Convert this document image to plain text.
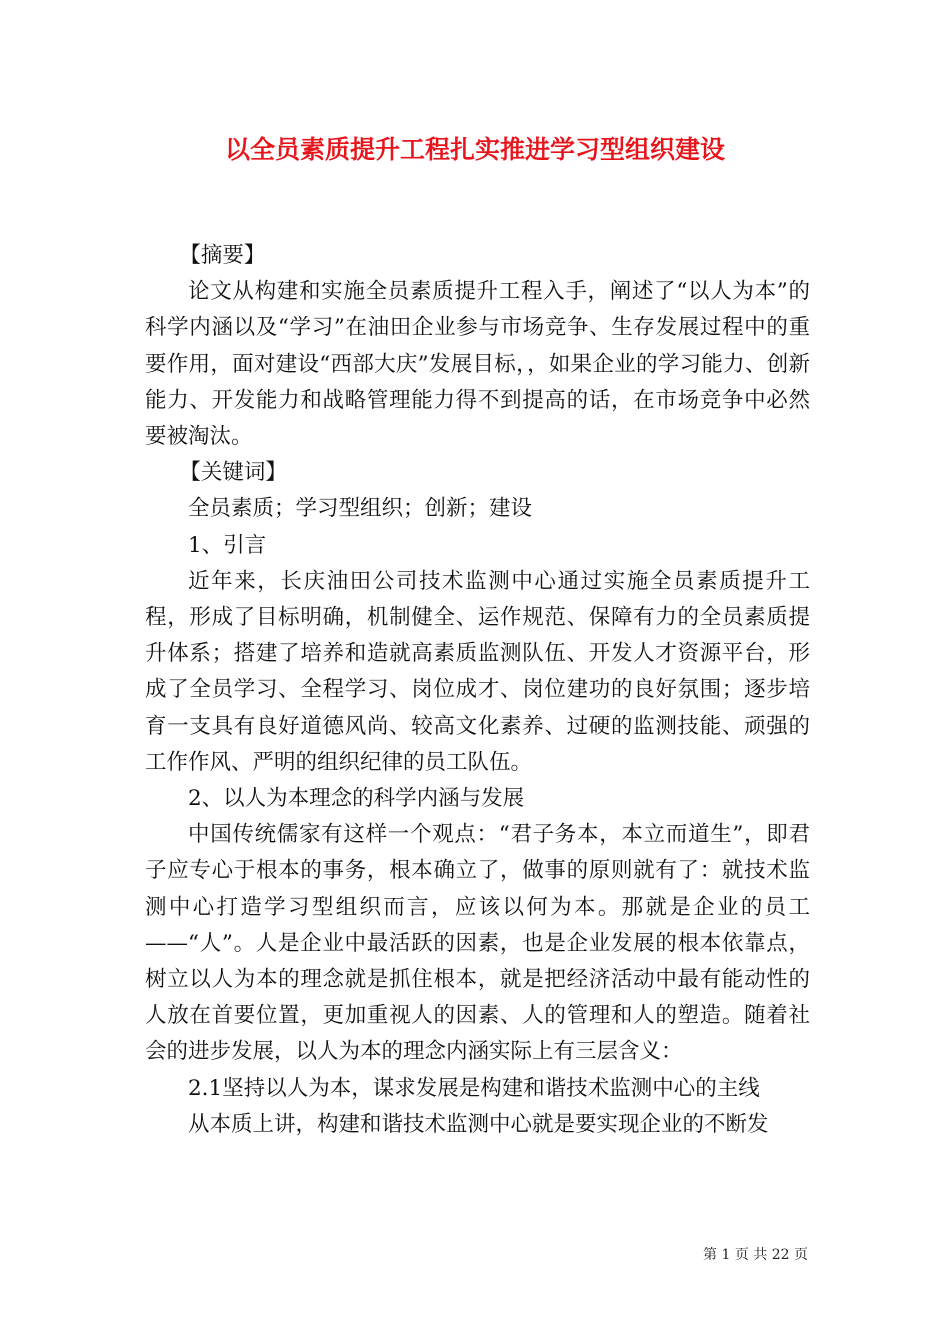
以全员素质提升工程扎实推进学习型组织建设

【摘要】

论文从构建和实施全员素质提升工程入手，阐述了“以人为本”的科学内涵以及“学习”在油田企业参与市场竞争、生存发展过程中的重要作用，面对建设“西部大庆”发展目标，，如果企业的学习能力、创新能力、开发能力和战略管理能力得不到提高的话，在市场竞争中必然要被淘汰。

【关键词】

全员素质；学习型组织；创新；建设

1、引言

近年来，长庆油田公司技术监测中心通过实施全员素质提升工程，形成了目标明确，机制健全、运作规范、保障有力的全员素质提升体系；搭建了培养和造就高素质监测队伍、开发人才资源平台，形成了全员学习、全程学习、岗位成才、岗位建功的良好氛围；逐步培育一支具有良好道德风尚、较高文化素养、过硬的监测技能、顽强的工作作风、严明的组织纪律的员工队伍。

2、以人为本理念的科学内涵与发展

中国传统儒家有这样一个观点：“君子务本，本立而道生”，即君子应专心于根本的事务，根本确立了，做事的原则就有了：就技术监测中心打造学习型组织而言，应该以何为本。那就是企业的员工——“人”。人是企业中最活跃的因素，也是企业发展的根本依靠点，树立以人为本的理念就是抓住根本，就是把经济活动中最有能动性的人放在首要位置，更加重视人的因素、人的管理和人的塑造。随着社会的进步发展，以人为本的理念内涵实际上有三层含义：

2.1坚持以人为本，谋求发展是构建和谐技术监测中心的主线

从本质上讲，构建和谐技术监测中心就是要实现企业的不断发

第 1 页 共 22 页
